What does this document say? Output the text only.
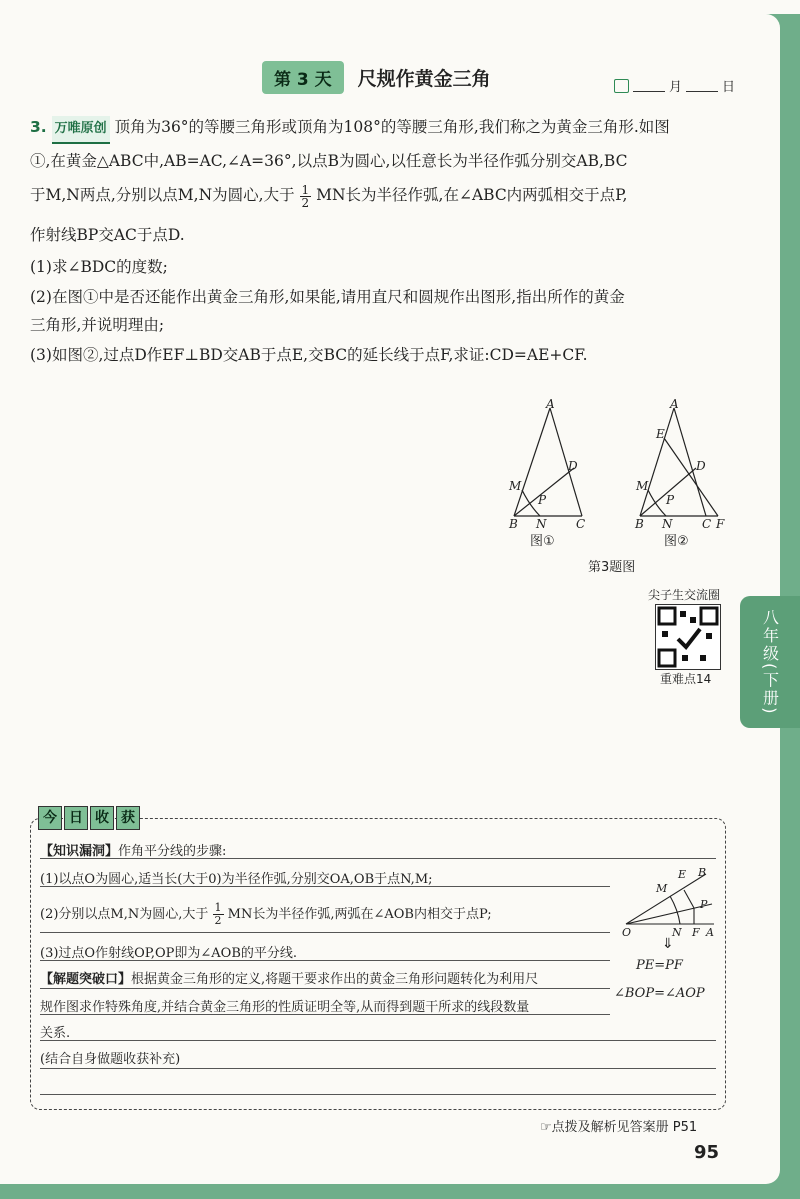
第 3 天	尺规作黄金三角	月	日
3. 万唯原创 顶角为36°的等腰三角形或顶角为108°的等腰三角形,我们称之为黄金三角形.如图
①,在黄金△ABC中,AB=AC,∠A=36°,以点B为圆心,以任意长为半径作弧分别交AB,BC
于M,N两点,分别以点M,N为圆心,大于 $\frac{1}{2}$ MN长为半径作弧,在∠ABC内两弧相交于点P,
作射线BP交AC于点D.
(1)求∠BDC的度数;
(2)在图①中是否还能作出黄金三角形,如果能,请用直尺和圆规作出图形,指出所作的黄金
三角形,并说明理由;
(3)如图②,过点D作EF⊥BD交AB于点E,交BC的延长线于点F,求证:CD=AE+CF.
A
D
M
P
B N C
图①
A
E
D
M
P
B N C F
图②
第3题图
尖子生交流圈
重难点14	八年级(下册)
今 日 收 获
【知识漏洞】作角平分线的步骤:
(1)以点O为圆心,适当长(大于0)为半径作弧,分别交OA,OB于点N,M;
(2)分别以点M,N为圆心,大于 $\frac{1}{2}$ MN长为半径作弧,两弧在∠AOB内相交于点P;
(3)过点O作射线OP,OP即为∠AOB的平分线.
【解题突破口】根据黄金三角形的定义,将题干要求作出的黄金三角形问题转化为利用尺
规作图求作特殊角度,并结合黄金三角形的性质证明全等,从而得到题干所求的线段数量
关系.
(结合自身做题收获补充)
E B
M
P
O	N F A
⇓
PE=PF
∠BOP=∠AOP
☞点拨及解析见答案册 P51
95
